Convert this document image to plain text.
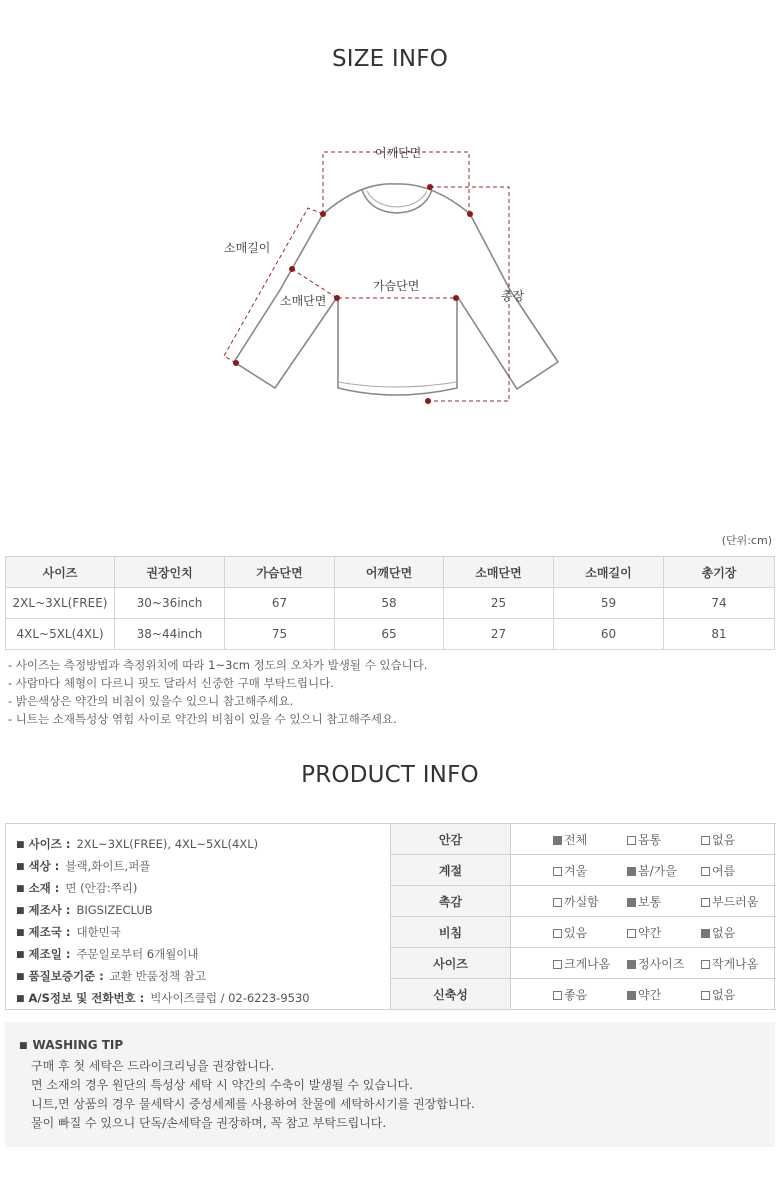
SIZE INFO
어깨단면
소매길이
가슴단면
소매단면	총장
(단위:cm)
사이즈	권장인치	가슴단면	어깨단면	소매단면	소매길이	총기장
2XL~3XL(FREE)	30~36inch	67	58	25	59	74
4XL~5XL(4XL)	38~44inch	75	65	27	60	81
- 사이즈는 측정방법과 측정위치에 따라 1~3cm 정도의 오차가 발생될 수 있습니다.
- 사람마다 체형이 다르니 핏도 달라서 신중한 구매 부탁드립니다.
- 밝은색상은 약간의 비침이 있을수 있으니 참고해주세요.
- 니트는 소재특성상 엮힘 사이로 약간의 비침이 있을 수 있으니 참고해주세요.
PRODUCT INFO
■ 사이즈 : 2XL~3XL(FREE), 4XL~5XL(4XL)
■ 색상 : 블랙,화이트,퍼플
■ 소재 : 면 (안감:쭈리)
■ 제조사 : BIGSIZECLUB
■ 제조국 : 대한민국
■ 제조일 : 주문일로부터 6개월이내
■ 품질보증기준 : 교환 반품정책 참고
■ A/S정보 및 전화번호 : 빅사이즈클럽 / 02-6223-9530
안감	전체 몸통 없음
계절	겨울 봄/가을 여름
촉감	까실함 보통 부드러움
비침	있음 약간 없음
사이즈	크게나옴 정사이즈 작게나옴
신축성	좋음 약간 없음
■ WASHING TIP
구매 후 첫 세탁은 드라이크리닝을 권장합니다.
면 소재의 경우 원단의 특성상 세탁 시 약간의 수축이 발생될 수 있습니다.
니트,면 상품의 경우 물세탁시 중성세제를 사용하여 찬물에 세탁하시기를 권장합니다.
물이 빠질 수 있으니 단독/손세탁을 권장하며, 꼭 참고 부탁드립니다.
